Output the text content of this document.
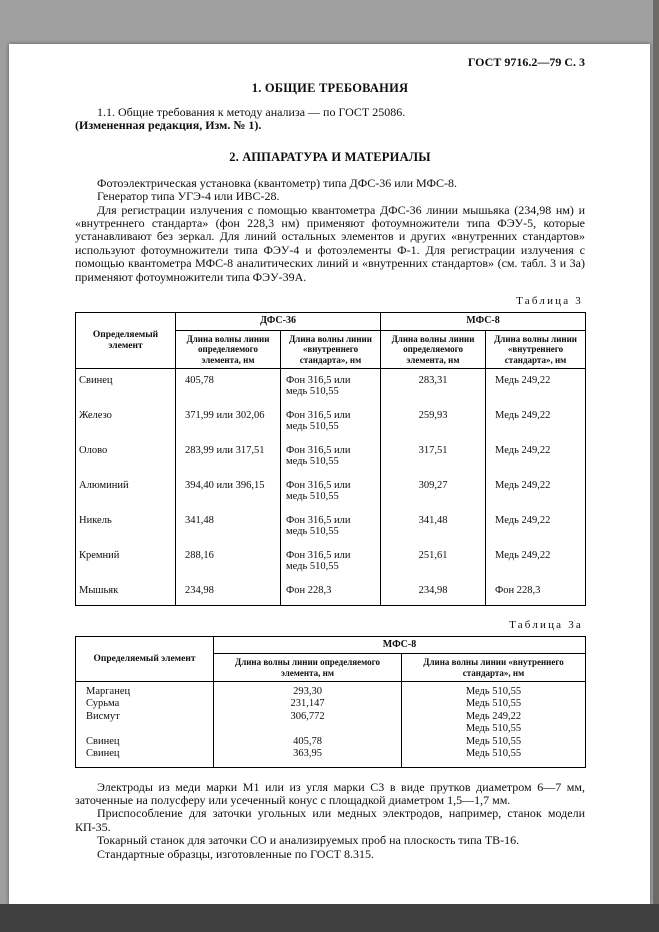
ГОСТ 9716.2—79 С. 3
1. ОБЩИЕ ТРЕБОВАНИЯ

1.1. Общие требования к методу анализа — по ГОСТ 25086.

(Измененная редакция, Изм. № 1).

2. АППАРАТУРА И МАТЕРИАЛЫ

Фотоэлектрическая установка (квантометр) типа ДФС-36 или МФС-8.

Генератор типа УГЭ-4 или ИВС-28.

Для регистрации излучения с помощью квантометра ДФС-36 линии мышьяка (234,98 нм) и «внутреннего стандарта» (фон 228,3 нм) применяют фотоумножители типа ФЭУ-5, которые устанавливают без зеркал. Для линий остальных элементов и других «внутренних стандартов» используют фотоумножители типа ФЭУ-4 и фотоэлементы Ф-1. Для регистрации излучения с помощью квантометра МФС-8 аналитических линий и «внутренних стандартов» (см. табл. 3 и 3а) применяют фотоумножители типа ФЭУ-39А.

Таблица 3
Определяемый элемент	ДФС-36		МФС-8	
	Длина волны линии определяемого элемента, нм	Длина волны линии «внутреннего стандарта», нм	Длина волны линии определяемого элемента, нм	Длина волны линии «внутреннего стандарта», нм
Свинец	405,78	Фон 316,5 или медь 510,55	283,31	Медь 249,22
Железо	371,99 или 302,06	Фон 316,5 или медь 510,55	259,93	Медь 249,22
Олово	283,99 или 317,51	Фон 316,5 или медь 510,55	317,51	Медь 249,22
Алюминий	394,40 или 396,15	Фон 316,5 или медь 510,55	309,27	Медь 249,22
Никель	341,48	Фон 316,5 или медь 510,55	341,48	Медь 249,22
Кремний	288,16	Фон 316,5 или медь 510,55	251,61	Медь 249,22
Мышьяк	234,98	Фон 228,3	234,98	Фон 228,3
Таблица 3а
Определяемый элемент	МФС-8	
	Длина волны линии определяемого элемента, нм	Длина волны линии «внутреннего стандарта», нм
Марганец	293,30	Медь 510,55
Сурьма	231,147	Медь 510,55
Висмут	306,772	Медь 249,22
		Медь 510,55
Свинец	405,78	Медь 510,55
Свинец	363,95	Медь 510,55

Электроды из меди марки М1 или из угля марки С3 в виде прутков диаметром 6—7 мм, заточенные на полусферу или усеченный конус с площадкой диаметром 1,5—1,7 мм.

Приспособление для заточки угольных или медных электродов, например, станок модели КП-35.

Токарный станок для заточки СО и анализируемых проб на плоскость типа ТВ-16.

Стандартные образцы, изготовленные по ГОСТ 8.315.
